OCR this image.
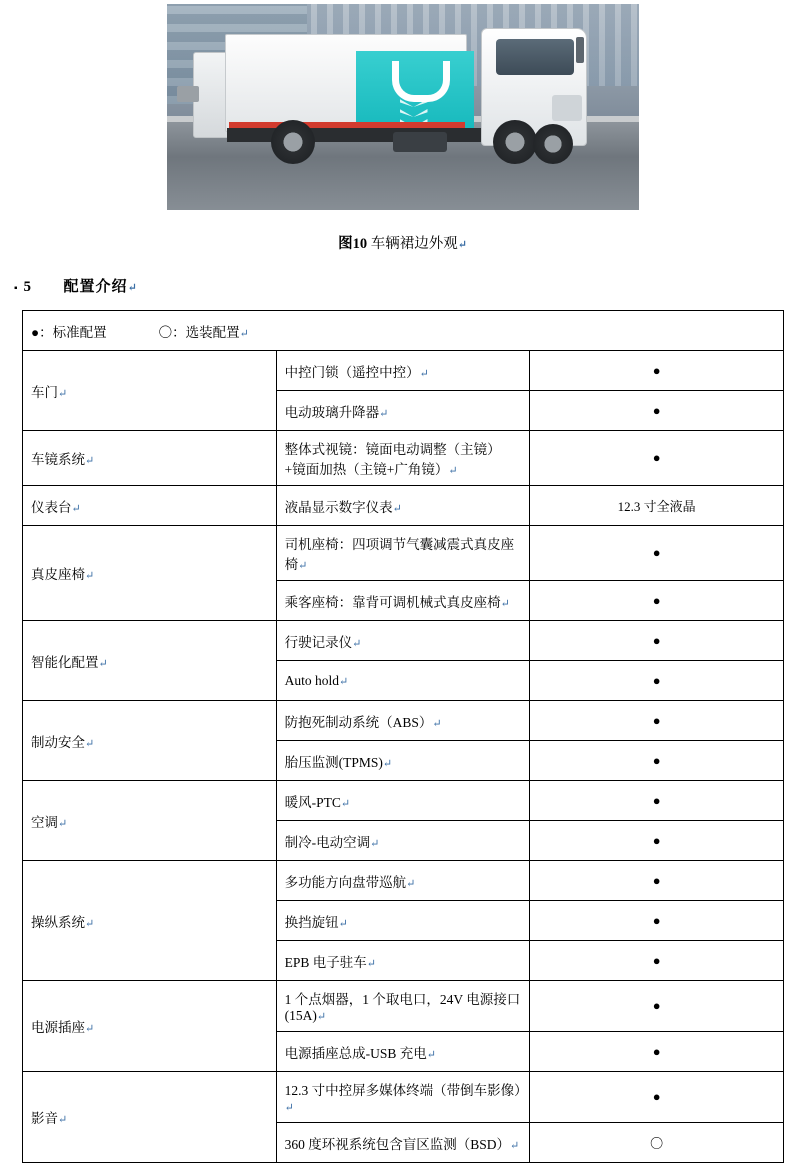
图10 车辆裙边外观↵
▪ 5	配置介绍 ↵
●：标准配置 〇：选装配置↵		
车门↵	中控门锁（遥控中控）↵	●
	电动玻璃升降器↵	●
车镜系统↵	整体式视镜：镜面电动调整（主镜）+镜面加热（主镜+广角镜）↵	●
仪表台↵	液晶显示数字仪表↵	12.3 寸全液晶
真皮座椅↵	司机座椅：四项调节气囊减震式真皮座椅↵	●
	乘客座椅：靠背可调机械式真皮座椅↵	●
智能化配置↵	行驶记录仪↵	●
	Auto hold↵	●
制动安全↵	防抱死制动系统（ABS）↵	●
	胎压监测(TPMS)↵	●
空调↵	暖风-PTC↵	●
	制冷-电动空调↵	●
操纵系统↵	多功能方向盘带巡航↵	●
	换挡旋钮↵	●
	EPB 电子驻车↵	●
电源插座↵	1 个点烟器，1 个取电口，24V 电源接口(15A)↵	●
	电源插座总成-USB 充电↵	●
影音↵	12.3 寸中控屏多媒体终端（带倒车影像）↵	●
	360 度环视系统包含盲区监测（BSD）↵	〇
